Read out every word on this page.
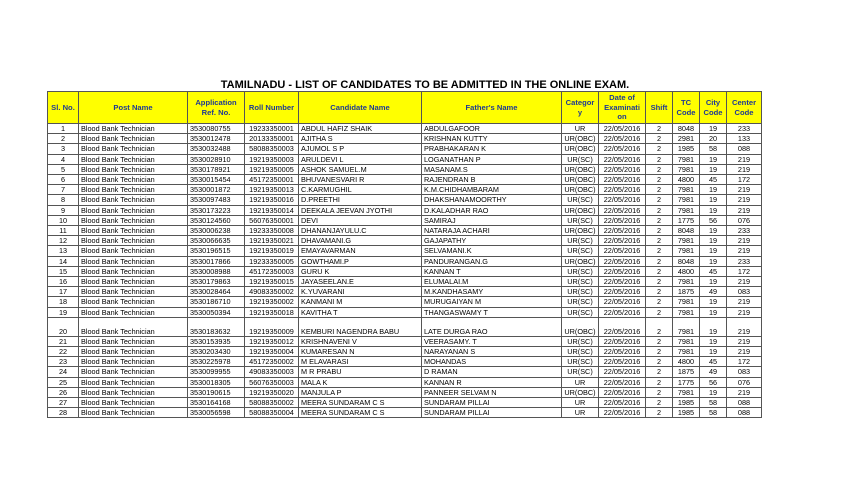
TAMILNADU - LIST OF CANDIDATES TO BE ADMITTED IN THE ONLINE EXAM.
Sl. No.	Post Name	Application Ref. No.	Roll Number	Candidate Name	Father's Name	Categor y	Date of Examinati on	Shift	TC Code	City Code	Center Code
1	Blood Bank Technician	3530080755	19233350001	ABDUL HAFIZ SHAIK	ABDULGAFOOR	UR	22/05/2016	2	8048	19	233
2	Blood Bank Technician	3530012478	20133350001	AJITHA S	KRISHNAN KUTTY	UR(OBC)	22/05/2016	2	2981	20	133
3	Blood Bank Technician	3530032488	58088350003	AJUMOL S P	PRABHAKARAN K	UR(OBC)	22/05/2016	2	1985	58	088
4	Blood Bank Technician	3530028910	19219350003	ARULDEVI L	LOGANATHAN P	UR(SC)	22/05/2016	2	7981	19	219
5	Blood Bank Technician	3530178921	19219350005	ASHOK SAMUEL.M	MASANAM.S	UR(OBC)	22/05/2016	2	7981	19	219
6	Blood Bank Technician	3530015454	45172350001	BHUVANESVARI R	RAJENDRAN B	UR(OBC)	22/05/2016	2	4800	45	172
7	Blood Bank Technician	3530001872	19219350013	C.KARMUGHIL	K.M.CHIDHAMBARAM	UR(OBC)	22/05/2016	2	7981	19	219
8	Blood Bank Technician	3530097483	19219350016	D.PREETHI	DHAKSHANAMOORTHY	UR(SC)	22/05/2016	2	7981	19	219
9	Blood Bank Technician	3530173223	19219350014	DEEKALA JEEVAN JYOTHI	D.KALADHAR RAO	UR(OBC)	22/05/2016	2	7981	19	219
10	Blood Bank Technician	3530124560	56076350001	DEVI	SAMIRAJ	UR(SC)	22/05/2016	2	1775	56	076
11	Blood Bank Technician	3530006238	19233350008	DHANANJAYULU.C	NATARAJA ACHARI	UR(OBC)	22/05/2016	2	8048	19	233
12	Blood Bank Technician	3530066635	19219350021	DHAVAMANI.G	GAJAPATHY	UR(SC)	22/05/2016	2	7981	19	219
13	Blood Bank Technician	3530196515	19219350019	EMAYAVARMAN	SELVAMANI.K	UR(SC)	22/05/2016	2	7981	19	219
14	Blood Bank Technician	3530017866	19233350005	GOWTHAMI.P	PANDURANGAN.G	UR(OBC)	22/05/2016	2	8048	19	233
15	Blood Bank Technician	3530008988	45172350003	GURU K	KANNAN T	UR(SC)	22/05/2016	2	4800	45	172
16	Blood Bank Technician	3530179863	19219350015	JAYASEELAN.E	ELUMALAI.M	UR(SC)	22/05/2016	2	7981	19	219
17	Blood Bank Technician	3530028464	49083350002	K.YUVARANI	M.KANDHASAMY	UR(SC)	22/05/2016	2	1875	49	083
18	Blood Bank Technician	3530186710	19219350002	KANMANI M	MURUGAIYAN M	UR(SC)	22/05/2016	2	7981	19	219
19	Blood Bank Technician	3530050394	19219350018	KAVITHA T	THANGASWAMY T	UR(SC)	22/05/2016	2	7981	19	219
20	Blood Bank Technician	3530183632	19219350009	KEMBURI NAGENDRA BABU	LATE DURGA RAO	UR(OBC)	22/05/2016	2	7981	19	219
21	Blood Bank Technician	3530153935	19219350012	KRISHNAVENI V	VEERASAMY. T	UR(SC)	22/05/2016	2	7981	19	219
22	Blood Bank Technician	3530203430	19219350004	KUMARESAN N	NARAYANAN S	UR(SC)	22/05/2016	2	7981	19	219
23	Blood Bank Technician	3530225978	45172350002	M ELAVARASI	MOHANDAS	UR(SC)	22/05/2016	2	4800	45	172
24	Blood Bank Technician	3530099955	49083350003	M R PRABU	D RAMAN	UR(SC)	22/05/2016	2	1875	49	083
25	Blood Bank Technician	3530018305	56076350003	MALA K	KANNAN R	UR	22/05/2016	2	1775	56	076
26	Blood Bank Technician	3530190615	19219350020	MANJULA P	PANNEER SELVAM N	UR(OBC)	22/05/2016	2	7981	19	219
27	Blood Bank Technician	3530164168	58088350002	MEERA SUNDARAM C S	SUNDARAM PILLAI	UR	22/05/2016	2	1985	58	088
28	Blood Bank Technician	3530056598	58088350004	MEERA SUNDARAM C S	SUNDARAM PILLAI	UR	22/05/2016	2	1985	58	088
